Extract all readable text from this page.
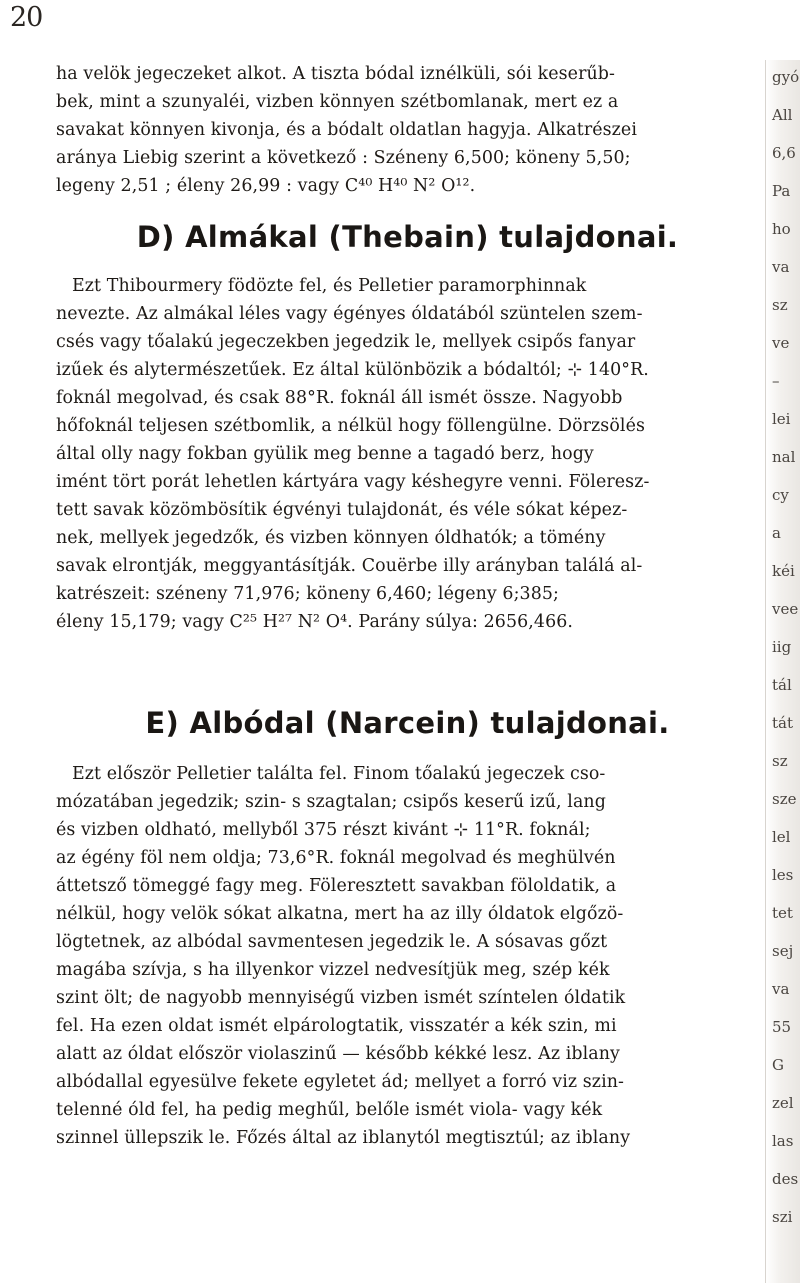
20
gyó
All
6,6
Pa
ho
va
sz
ve
–
lei
nal
cy
a
kéi
vee
iig
tál
tát
sz
sze
lel
les
tet
sej
va
55
G
zel
las
des
szi
ha velök jegeczeket alkot. A tiszta bódal iznélküli, sói keserűb-
bek, mint a szunyaléi, vizben könnyen szétbomlanak, mert ez a
savakat könnyen kivonja, és a bódalt oldatlan hagyja. Alkatrészei
aránya Liebig szerint a következő : Széneny 6,500; köneny 5,50;
legeny 2,51 ; éleny 26,99 : vagy C⁴⁰ H⁴⁰ N² O¹².
D) Almákal (Thebain) tulajdonai.
Ezt Thibourmery födözte fel, és Pelletier paramorphinnak
nevezte. Az almákal léles vagy égényes óldatából szüntelen szem-
csés vagy tőalakú jegeczekben jegedzik le, mellyek csipős fanyar
izűek és alytermészetűek. Ez által különbözik a bódaltól; ⊹ 140°R.
foknál megolvad, és csak 88°R. foknál áll ismét össze. Nagyobb
hőfoknál teljesen szétbomlik, a nélkül hogy föllengülne. Dörzsölés
által olly nagy fokban gyülik meg benne a tagadó berz, hogy
imént tört porát lehetlen kártyára vagy késhegyre venni. Föleresz-
tett savak közömbösítik égvényi tulajdonát, és véle sókat képez-
nek, mellyek jegedzők, és vizben könnyen óldhatók; a tömény
savak elrontják, meggyantásítják. Couërbe illy arányban találá al-
katrészeit: széneny 71,976; köneny 6,460; légeny 6;385;
éleny 15,179; vagy C²⁵ H²⁷ N² O⁴. Parány súlya: 2656,466.
E) Albódal (Narcein) tulajdonai.
Ezt először Pelletier találta fel. Finom tőalakú jegeczek cso-
mózatában jegedzik; szin- s szagtalan; csipős keserű izű, lang
és vizben oldható, mellyből 375 részt kivánt ⊹ 11°R. foknál;
az égény föl nem oldja; 73,6°R. foknál megolvad és meghülvén
áttetsző tömeggé fagy meg. Föleresztett savakban föloldatik, a
nélkül, hogy velök sókat alkatna, mert ha az illy óldatok elgőzö-
lögtetnek, az albódal savmentesen jegedzik le. A sósavas gőzt
magába szívja, s ha illyenkor vizzel nedvesítjük meg, szép kék
szint ölt; de nagyobb mennyiségű vizben ismét színtelen óldatik
fel. Ha ezen oldat ismét elpárologtatik, visszatér a kék szin, mi
alatt az óldat először violaszinű — később kékké lesz. Az iblany
albódallal egyesülve fekete egyletet ád; mellyet a forró viz szin-
telenné óld fel, ha pedig meghűl, belőle ismét viola- vagy kék
szinnel üllepszik le. Főzés által az iblanytól megtisztúl; az iblany
